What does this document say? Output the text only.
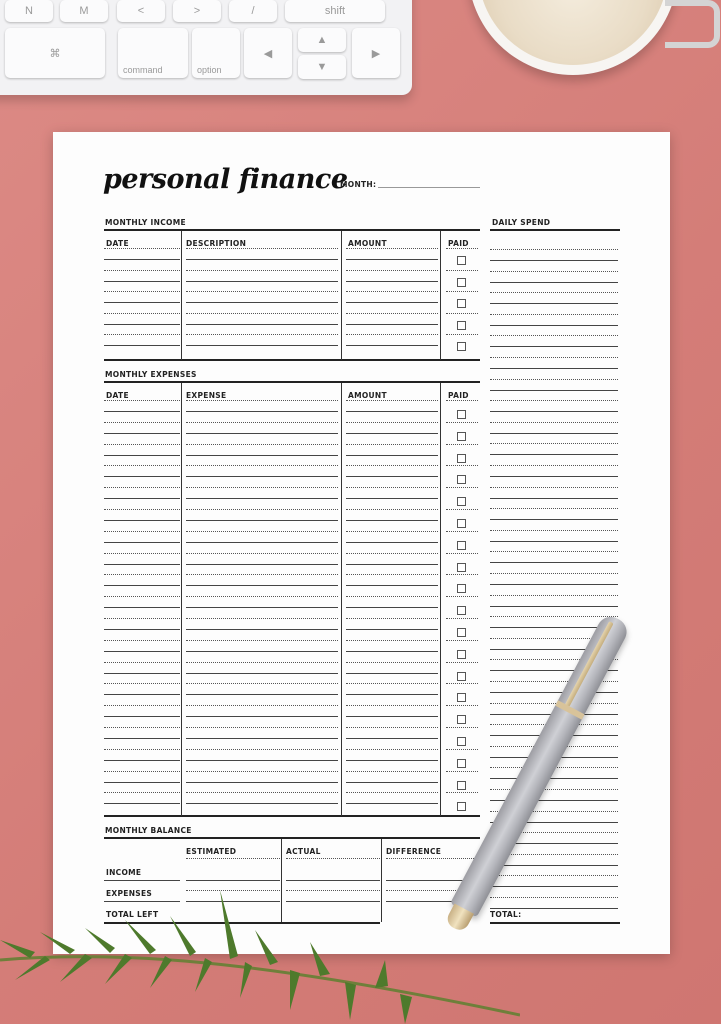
N	M	<	>	/	shift
⌘
command	option
◀
▲
▼
▶
personal finance
MONTH:
MONTHLY INCOME
DATE	DESCRIPTION	AMOUNT	PAID
MONTHLY EXPENSES
DATE	EXPENSE	AMOUNT	PAID
DAILY SPEND
TOTAL:
MONTHLY BALANCE
ESTIMATED	ACTUAL	DIFFERENCE
INCOME
EXPENSES
TOTAL LEFT
